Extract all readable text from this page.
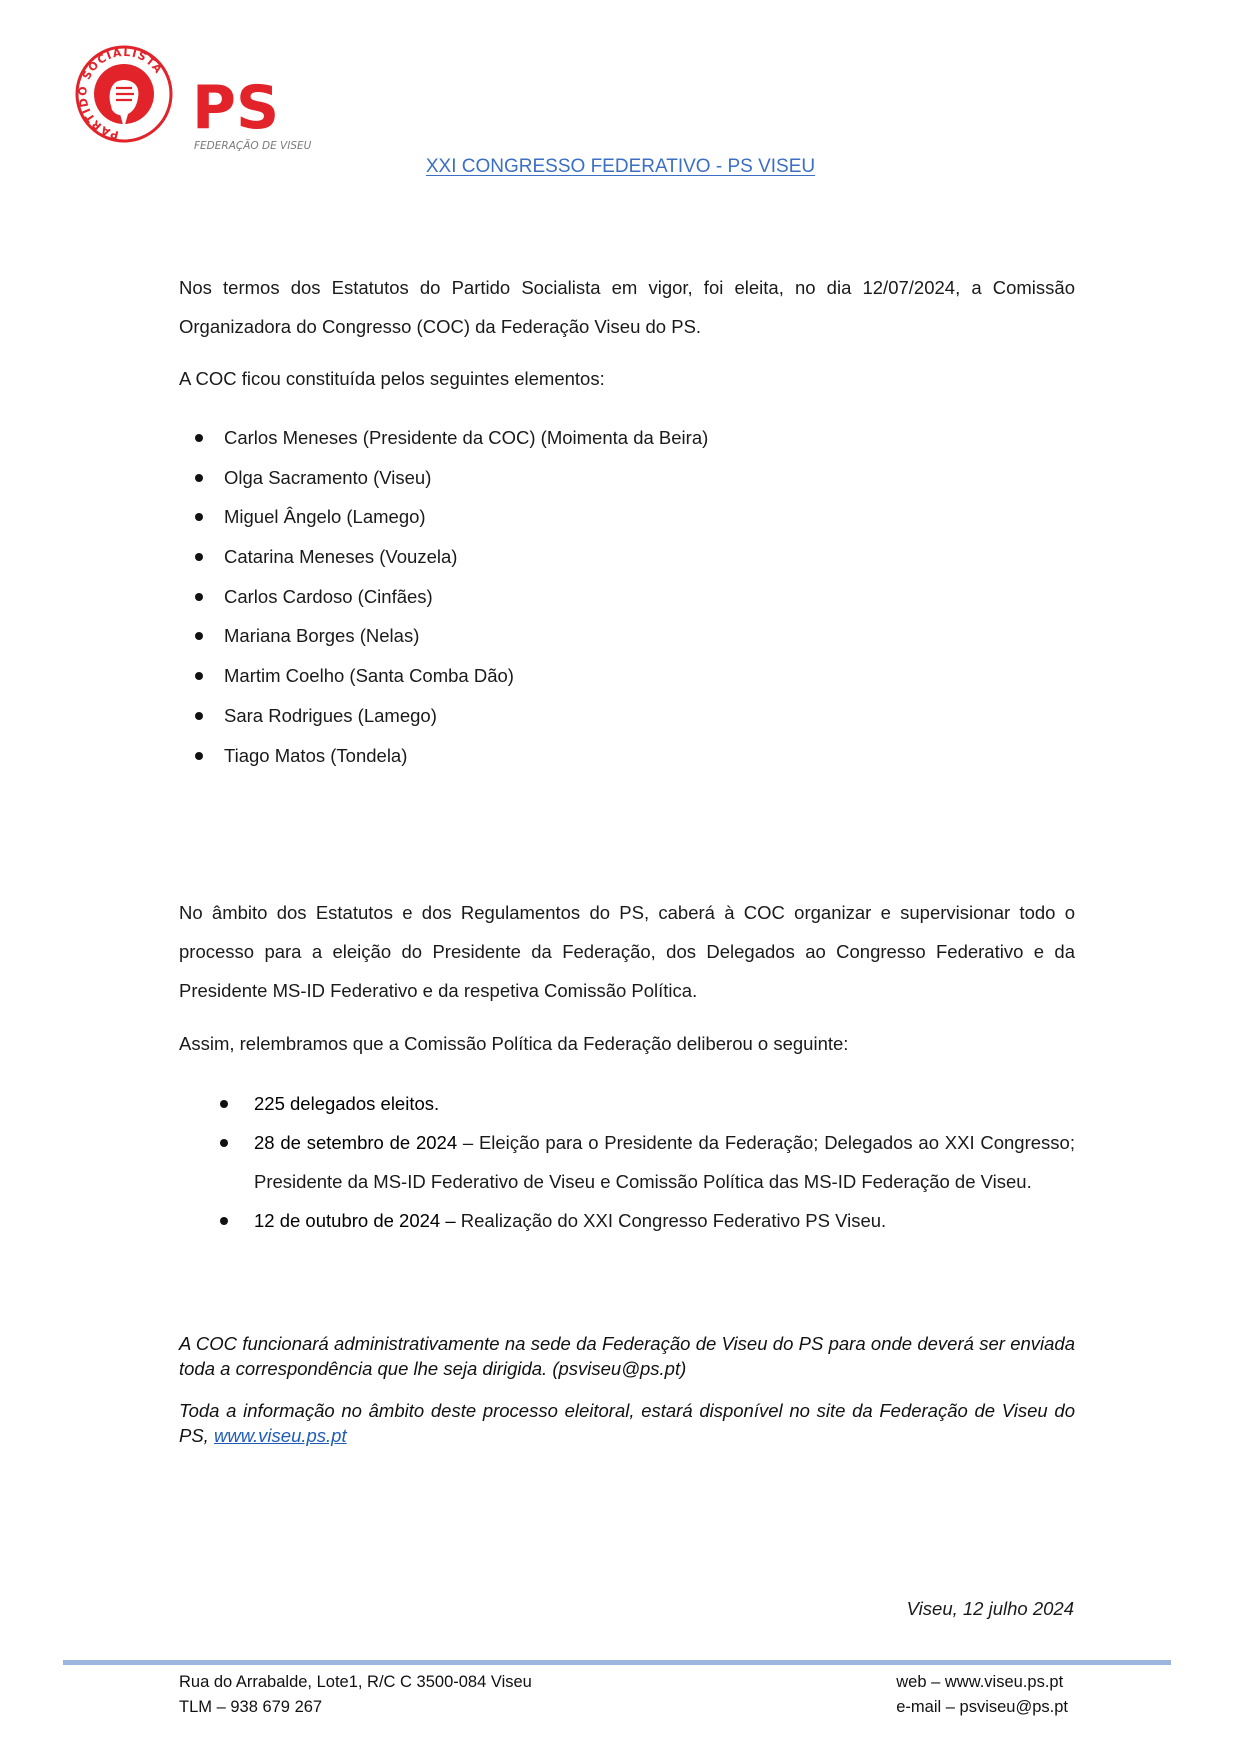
PARTIDO SOCIALISTA
PS
FEDERAÇÃO DE VISEU
XXI CONGRESSO FEDERATIVO - PS VISEU

Nos termos dos Estatutos do Partido Socialista em vigor, foi eleita, no dia 12/07/2024, a Comissão Organizadora do Congresso (COC) da Federação Viseu do PS.

A COC ficou constituída pelos seguintes elementos:

Carlos Meneses (Presidente da COC) (Moimenta da Beira)
Olga Sacramento (Viseu)
Miguel Ângelo (Lamego)
Catarina Meneses (Vouzela)
Carlos Cardoso (Cinfães)
Mariana Borges (Nelas)
Martim Coelho (Santa Comba Dão)
Sara Rodrigues (Lamego)
Tiago Matos (Tondela)

No âmbito dos Estatutos e dos Regulamentos do PS, caberá à COC organizar e supervisionar todo o processo para a eleição do Presidente da Federação, dos Delegados ao Congresso Federativo e da Presidente MS-ID Federativo e da respetiva Comissão Política.

Assim, relembramos que a Comissão Política da Federação deliberou o seguinte:

225 delegados eleitos.
28 de setembro de 2024 – Eleição para o Presidente da Federação; Delegados ao XXI Congresso; Presidente da MS-ID Federativo de Viseu e Comissão Política das MS-ID Federação de Viseu.
12 de outubro de 2024 – Realização do XXI Congresso Federativo PS Viseu.

A COC funcionará administrativamente na sede da Federação de Viseu do PS para onde deverá ser enviada toda a correspondência que lhe seja dirigida. (psviseu@ps.pt)

Toda a informação no âmbito deste processo eleitoral, estará disponível no site da Federação de Viseu do PS, www.viseu.ps.pt

Viseu, 12 julho 2024
Rua do Arrabalde, Lote1, R/C C 3500-084 Viseu
TLM – 938 679 267
web – www.viseu.ps.pt
e-mail – psviseu@ps.pt
